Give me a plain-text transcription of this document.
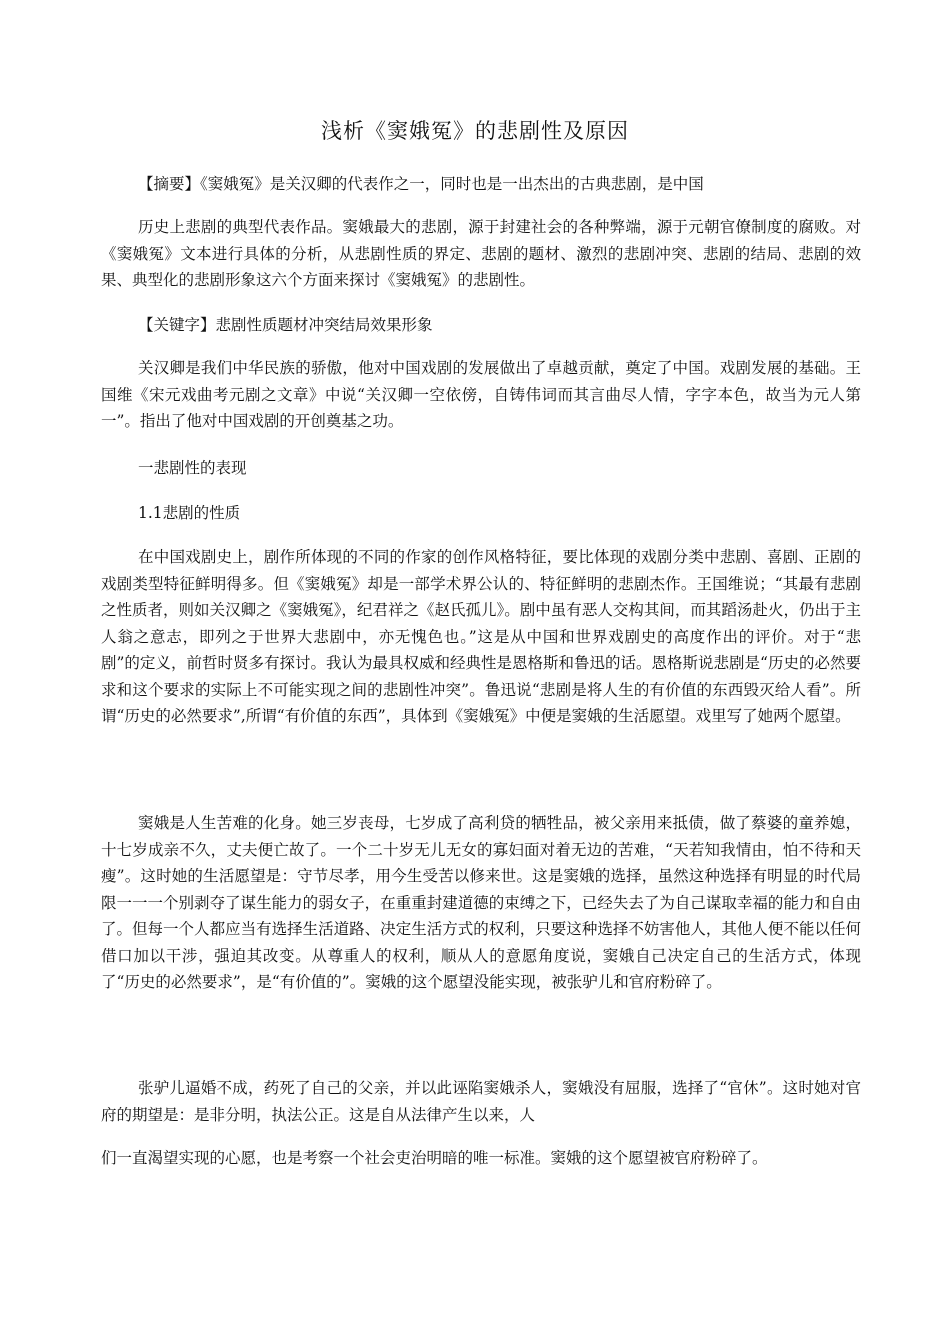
浅析《窦娥冤》的悲剧性及原因

【摘要】《窦娥冤》是关汉卿的代表作之一，同时也是一出杰出的古典悲剧，是中国

历史上悲剧的典型代表作品。窦娥最大的悲剧，源于封建社会的各种弊端，源于元朝官僚制度的腐败。对《窦娥冤》文本进行具体的分析，从悲剧性质的界定、悲剧的题材、激烈的悲剧冲突、悲剧的结局、悲剧的效果、典型化的悲剧形象这六个方面来探讨《窦娥冤》的悲剧性。

【关键字】悲剧性质题材冲突结局效果形象

关汉卿是我们中华民族的骄傲，他对中国戏剧的发展做出了卓越贡献，奠定了中国。戏剧发展的基础。王国维《宋元戏曲考元剧之文章》中说“关汉卿一空依傍，自铸伟词而其言曲尽人情，字字本色，故当为元人第一”。指出了他对中国戏剧的开创奠基之功。

一悲剧性的表现

1.1悲剧的性质

在中国戏剧史上，剧作所体现的不同的作家的创作风格特征，要比体现的戏剧分类中悲剧、喜剧、正剧的戏剧类型特征鲜明得多。但《窦娥冤》却是一部学术界公认的、特征鲜明的悲剧杰作。王国维说；“其最有悲剧之性质者，则如关汉卿之《窦娥冤》，纪君祥之《赵氏孤儿》。剧中虽有恶人交构其间，而其蹈汤赴火，仍出于主人翁之意志，即列之于世界大悲剧中，亦无愧色也。”这是从中国和世界戏剧史的高度作出的评价。对于“悲剧”的定义，前哲时贤多有探讨。我认为最具权威和经典性是恩格斯和鲁迅的话。恩格斯说悲剧是“历史的必然要求和这个要求的实际上不可能实现之间的悲剧性冲突”。鲁迅说“悲剧是将人生的有价值的东西毁灭给人看”。所谓“历史的必然要求”,所谓“有价值的东西”，具体到《窦娥冤》中便是窦娥的生活愿望。戏里写了她两个愿望。

窦娥是人生苦难的化身。她三岁丧母，七岁成了高利贷的牺牲品，被父亲用来抵债，做了蔡婆的童养媳，十七岁成亲不久，丈夫便亡故了。一个二十岁无儿无女的寡妇面对着无边的苦难，“天若知我情由，怕不待和天瘦”。这时她的生活愿望是：守节尽孝，用今生受苦以修来世。这是窦娥的选择，虽然这种选择有明显的时代局限一一一个别剥夺了谋生能力的弱女子，在重重封建道德的束缚之下，已经失去了为自己谋取幸福的能力和自由了。但每一个人都应当有选择生活道路、决定生活方式的权利，只要这种选择不妨害他人，其他人便不能以任何借口加以干涉，强迫其改变。从尊重人的权利，顺从人的意愿角度说，窦娥自己决定自己的生活方式，体现了“历史的必然要求”，是“有价值的”。窦娥的这个愿望没能实现，被张驴儿和官府粉碎了。

张驴儿逼婚不成，药死了自己的父亲，并以此诬陷窦娥杀人，窦娥没有屈服，选择了“官休”。这时她对官府的期望是：是非分明，执法公正。这是自从法律产生以来，人

们一直渴望实现的心愿，也是考察一个社会吏治明暗的唯一标准。窦娥的这个愿望被官府粉碎了。
